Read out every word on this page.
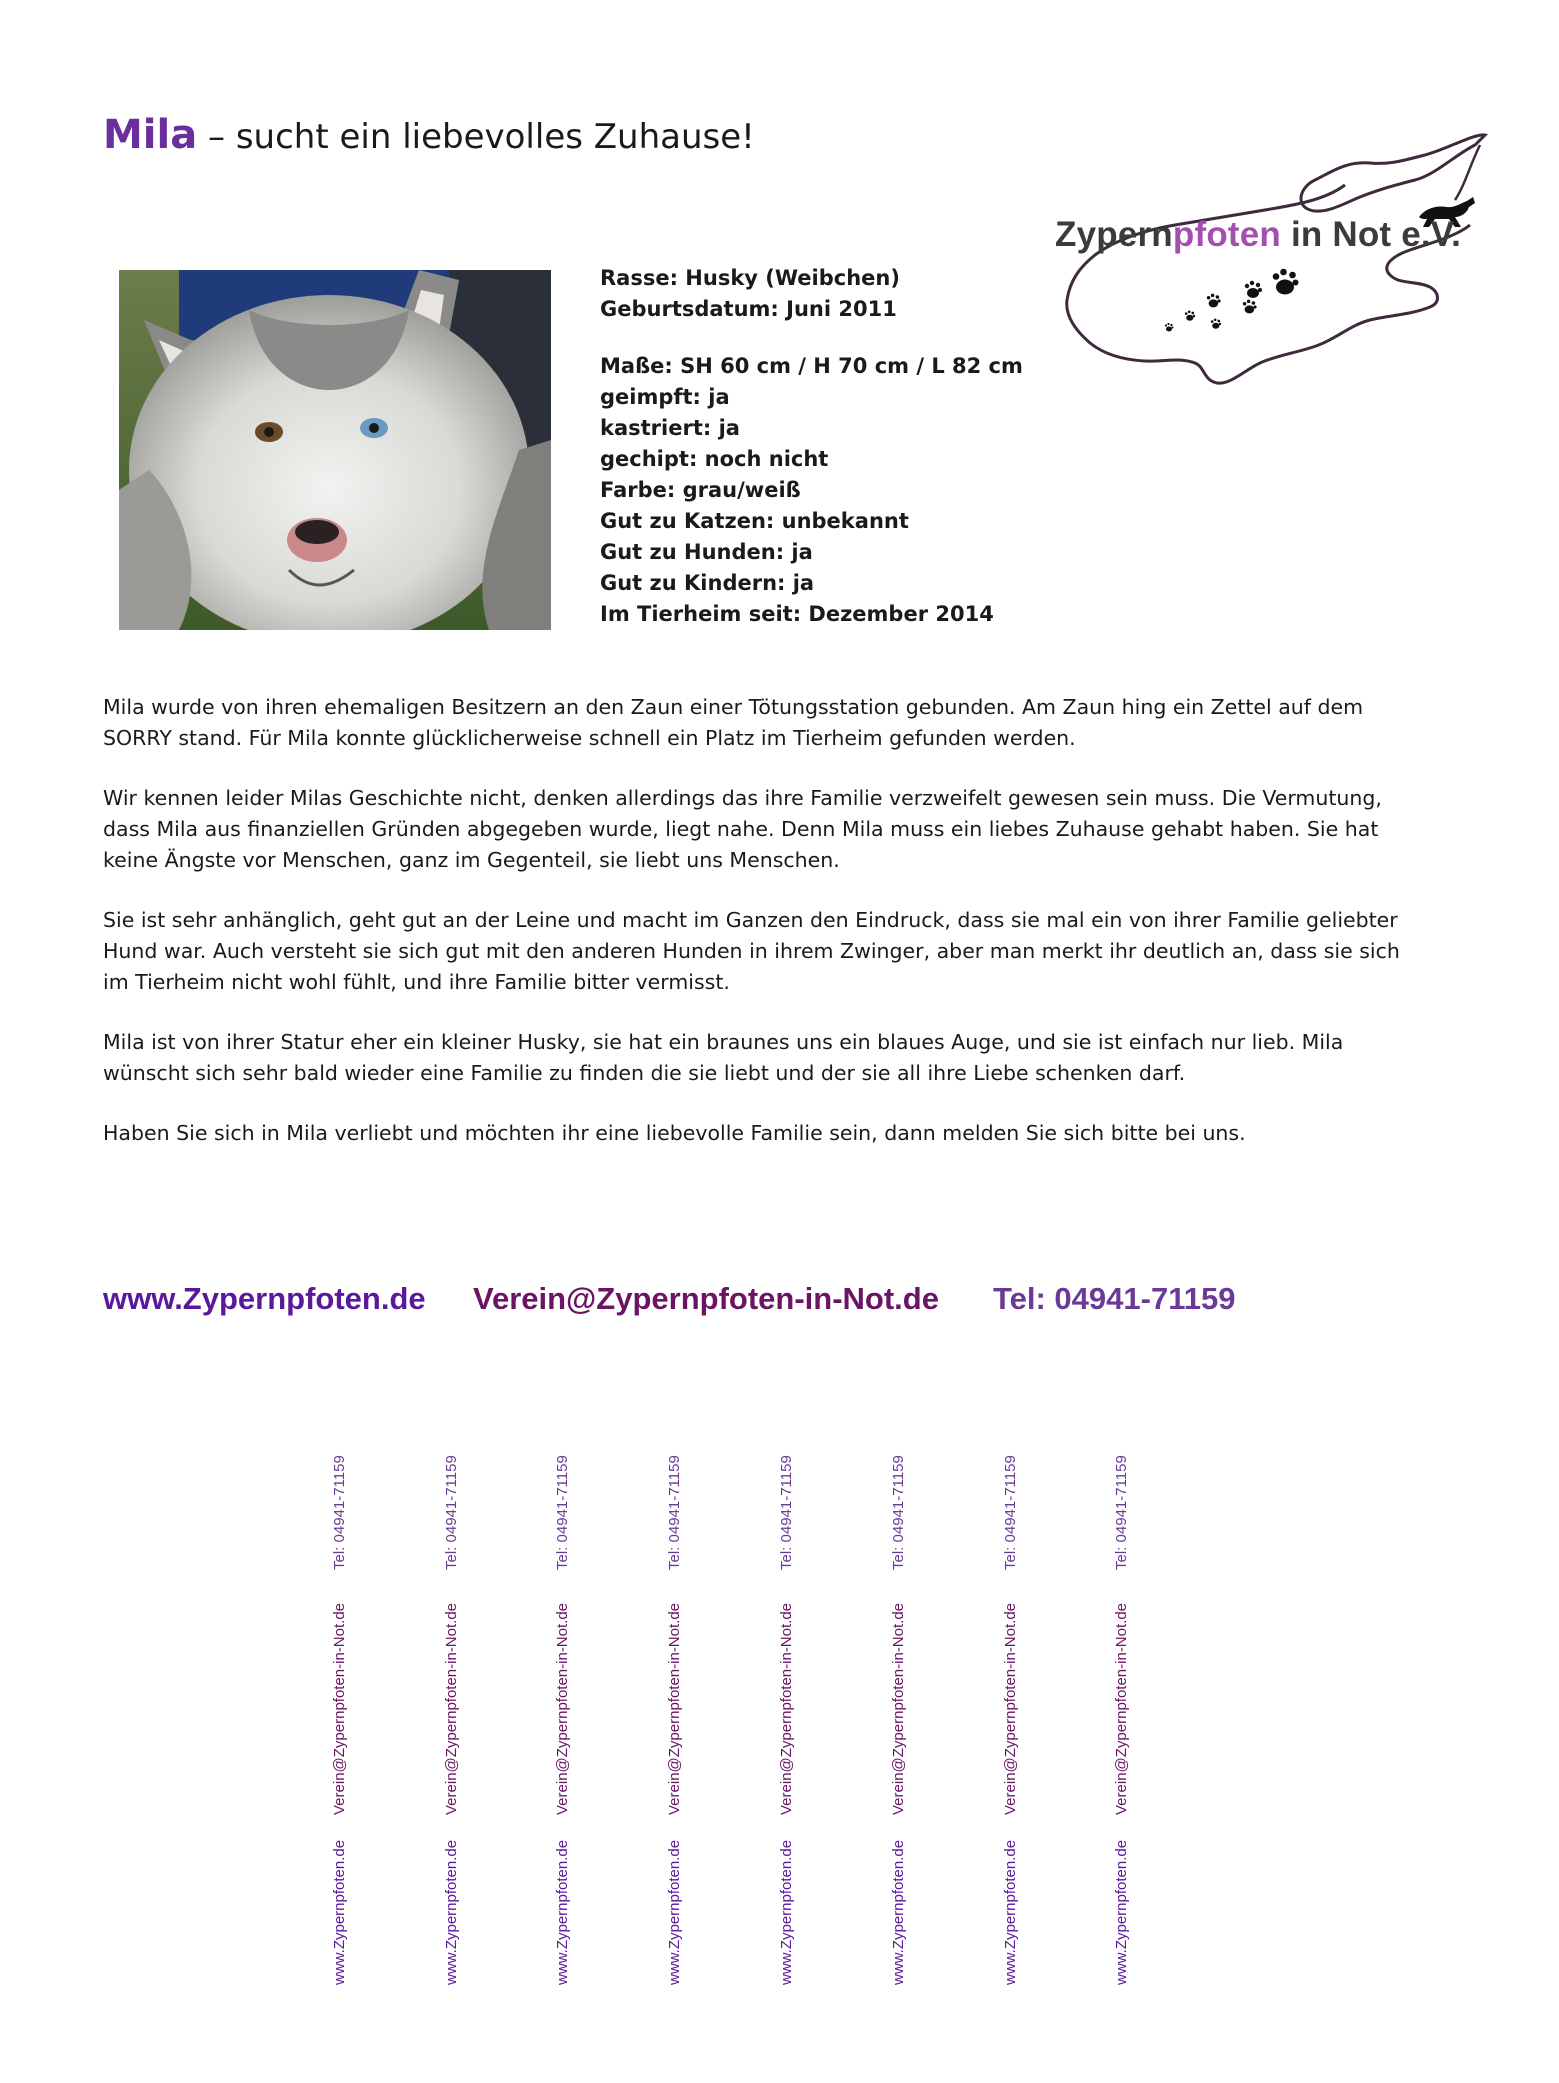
Mila – sucht ein liebevolles Zuhause!
Zypernpfoten in Not e.V.
Rasse: Husky (Weibchen)
Geburtsdatum: Juni 2011
Maße: SH 60 cm / H 70 cm / L 82 cm
geimpft: ja
kastriert: ja
gechipt: noch nicht
Farbe: grau/weiß
Gut zu Katzen: unbekannt
Gut zu Hunden: ja
Gut zu Kindern: ja
Im Tierheim seit: Dezember 2014

Mila wurde von ihren ehemaligen Besitzern an den Zaun einer Tötungsstation gebunden. Am Zaun hing ein Zettel auf dem SORRY stand. Für Mila konnte glücklicherweise schnell ein Platz im Tierheim gefunden werden.

Wir kennen leider Milas Geschichte nicht, denken allerdings das ihre Familie verzweifelt gewesen sein muss. Die Vermutung, dass Mila aus finanziellen Gründen abgegeben wurde, liegt nahe. Denn Mila muss ein liebes Zuhause gehabt haben. Sie hat keine Ängste vor Menschen, ganz im Gegenteil, sie liebt uns Menschen.

Sie ist sehr anhänglich, geht gut an der Leine und macht im Ganzen den Eindruck, dass sie mal ein von ihrer Familie geliebter Hund war. Auch versteht sie sich gut mit den anderen Hunden in ihrem Zwinger, aber man merkt ihr deutlich an, dass sie sich im Tierheim nicht wohl fühlt, und ihre Familie bitter vermisst.

Mila ist von ihrer Statur eher ein kleiner Husky, sie hat ein braunes uns ein blaues Auge, und sie ist einfach nur lieb. Mila wünscht sich sehr bald wieder eine Familie zu finden die sie liebt und der sie all ihre Liebe schenken darf.

Haben Sie sich in Mila verliebt und möchten ihr eine liebevolle Familie sein, dann melden Sie sich bitte bei uns.

www.Zypernpfoten.de Verein@Zypernpfoten-in-Not.de Tel: 04941-71159
www.Zypernpfoten.de
Verein@Zypernpfoten-in-Not.de
Tel: 04941-71159
www.Zypernpfoten.de
Verein@Zypernpfoten-in-Not.de
Tel: 04941-71159
www.Zypernpfoten.de
Verein@Zypernpfoten-in-Not.de
Tel: 04941-71159
www.Zypernpfoten.de
Verein@Zypernpfoten-in-Not.de
Tel: 04941-71159
www.Zypernpfoten.de
Verein@Zypernpfoten-in-Not.de
Tel: 04941-71159
www.Zypernpfoten.de
Verein@Zypernpfoten-in-Not.de
Tel: 04941-71159
www.Zypernpfoten.de
Verein@Zypernpfoten-in-Not.de
Tel: 04941-71159
www.Zypernpfoten.de
Verein@Zypernpfoten-in-Not.de
Tel: 04941-71159
